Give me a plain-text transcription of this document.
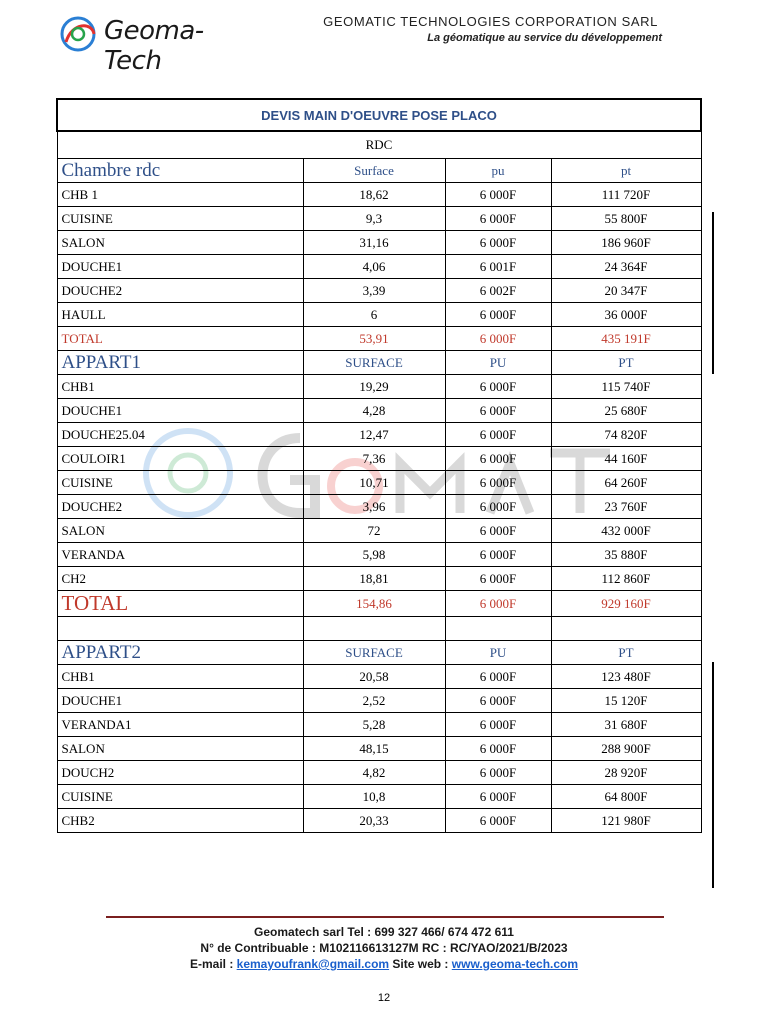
Geoma-Tech
GEOMATIC TECHNOLOGIES CORPORATION SARL
La géomatique au service du développement
DEVIS MAIN D'OEUVRE POSE PLACO			
RDC			
Chambre rdc	Surface	pu	pt
CHB 1	18,62	6 000F	111 720F
CUISINE	9,3	6 000F	55 800F
SALON	31,16	6 000F	186 960F
DOUCHE1	4,06	6 001F	24 364F
DOUCHE2	3,39	6 002F	20 347F
HAULL	6	6 000F	36 000F
TOTAL	53,91	6 000F	435 191F
APPART1	SURFACE	PU	PT
CHB1	19,29	6 000F	115 740F
DOUCHE1	4,28	6 000F	25 680F
DOUCHE25.04	12,47	6 000F	74 820F
COULOIR1	7,36	6 000F	44 160F
CUISINE	10,71	6 000F	64 260F
DOUCHE2	3,96	6 000F	23 760F
SALON	72	6 000F	432 000F
VERANDA	5,98	6 000F	35 880F
CH2	18,81	6 000F	112 860F
TOTAL	154,86	6 000F	929 160F

APPART2	SURFACE	PU	PT
CHB1	20,58	6 000F	123 480F
DOUCHE1	2,52	6 000F	15 120F
VERANDA1	5,28	6 000F	31 680F
SALON	48,15	6 000F	288 900F
DOUCH2	4,82	6 000F	28 920F
CUISINE	10,8	6 000F	64 800F
CHB2	20,33	6 000F	121 980F
Geomatech sarl Tel : 699 327 466/ 674 472 611
N° de Contribuable : M102116613127M RC : RC/YAO/2021/B/2023
E-mail : kemayoufrank@gmail.com Site web : www.geoma-tech.com
12
